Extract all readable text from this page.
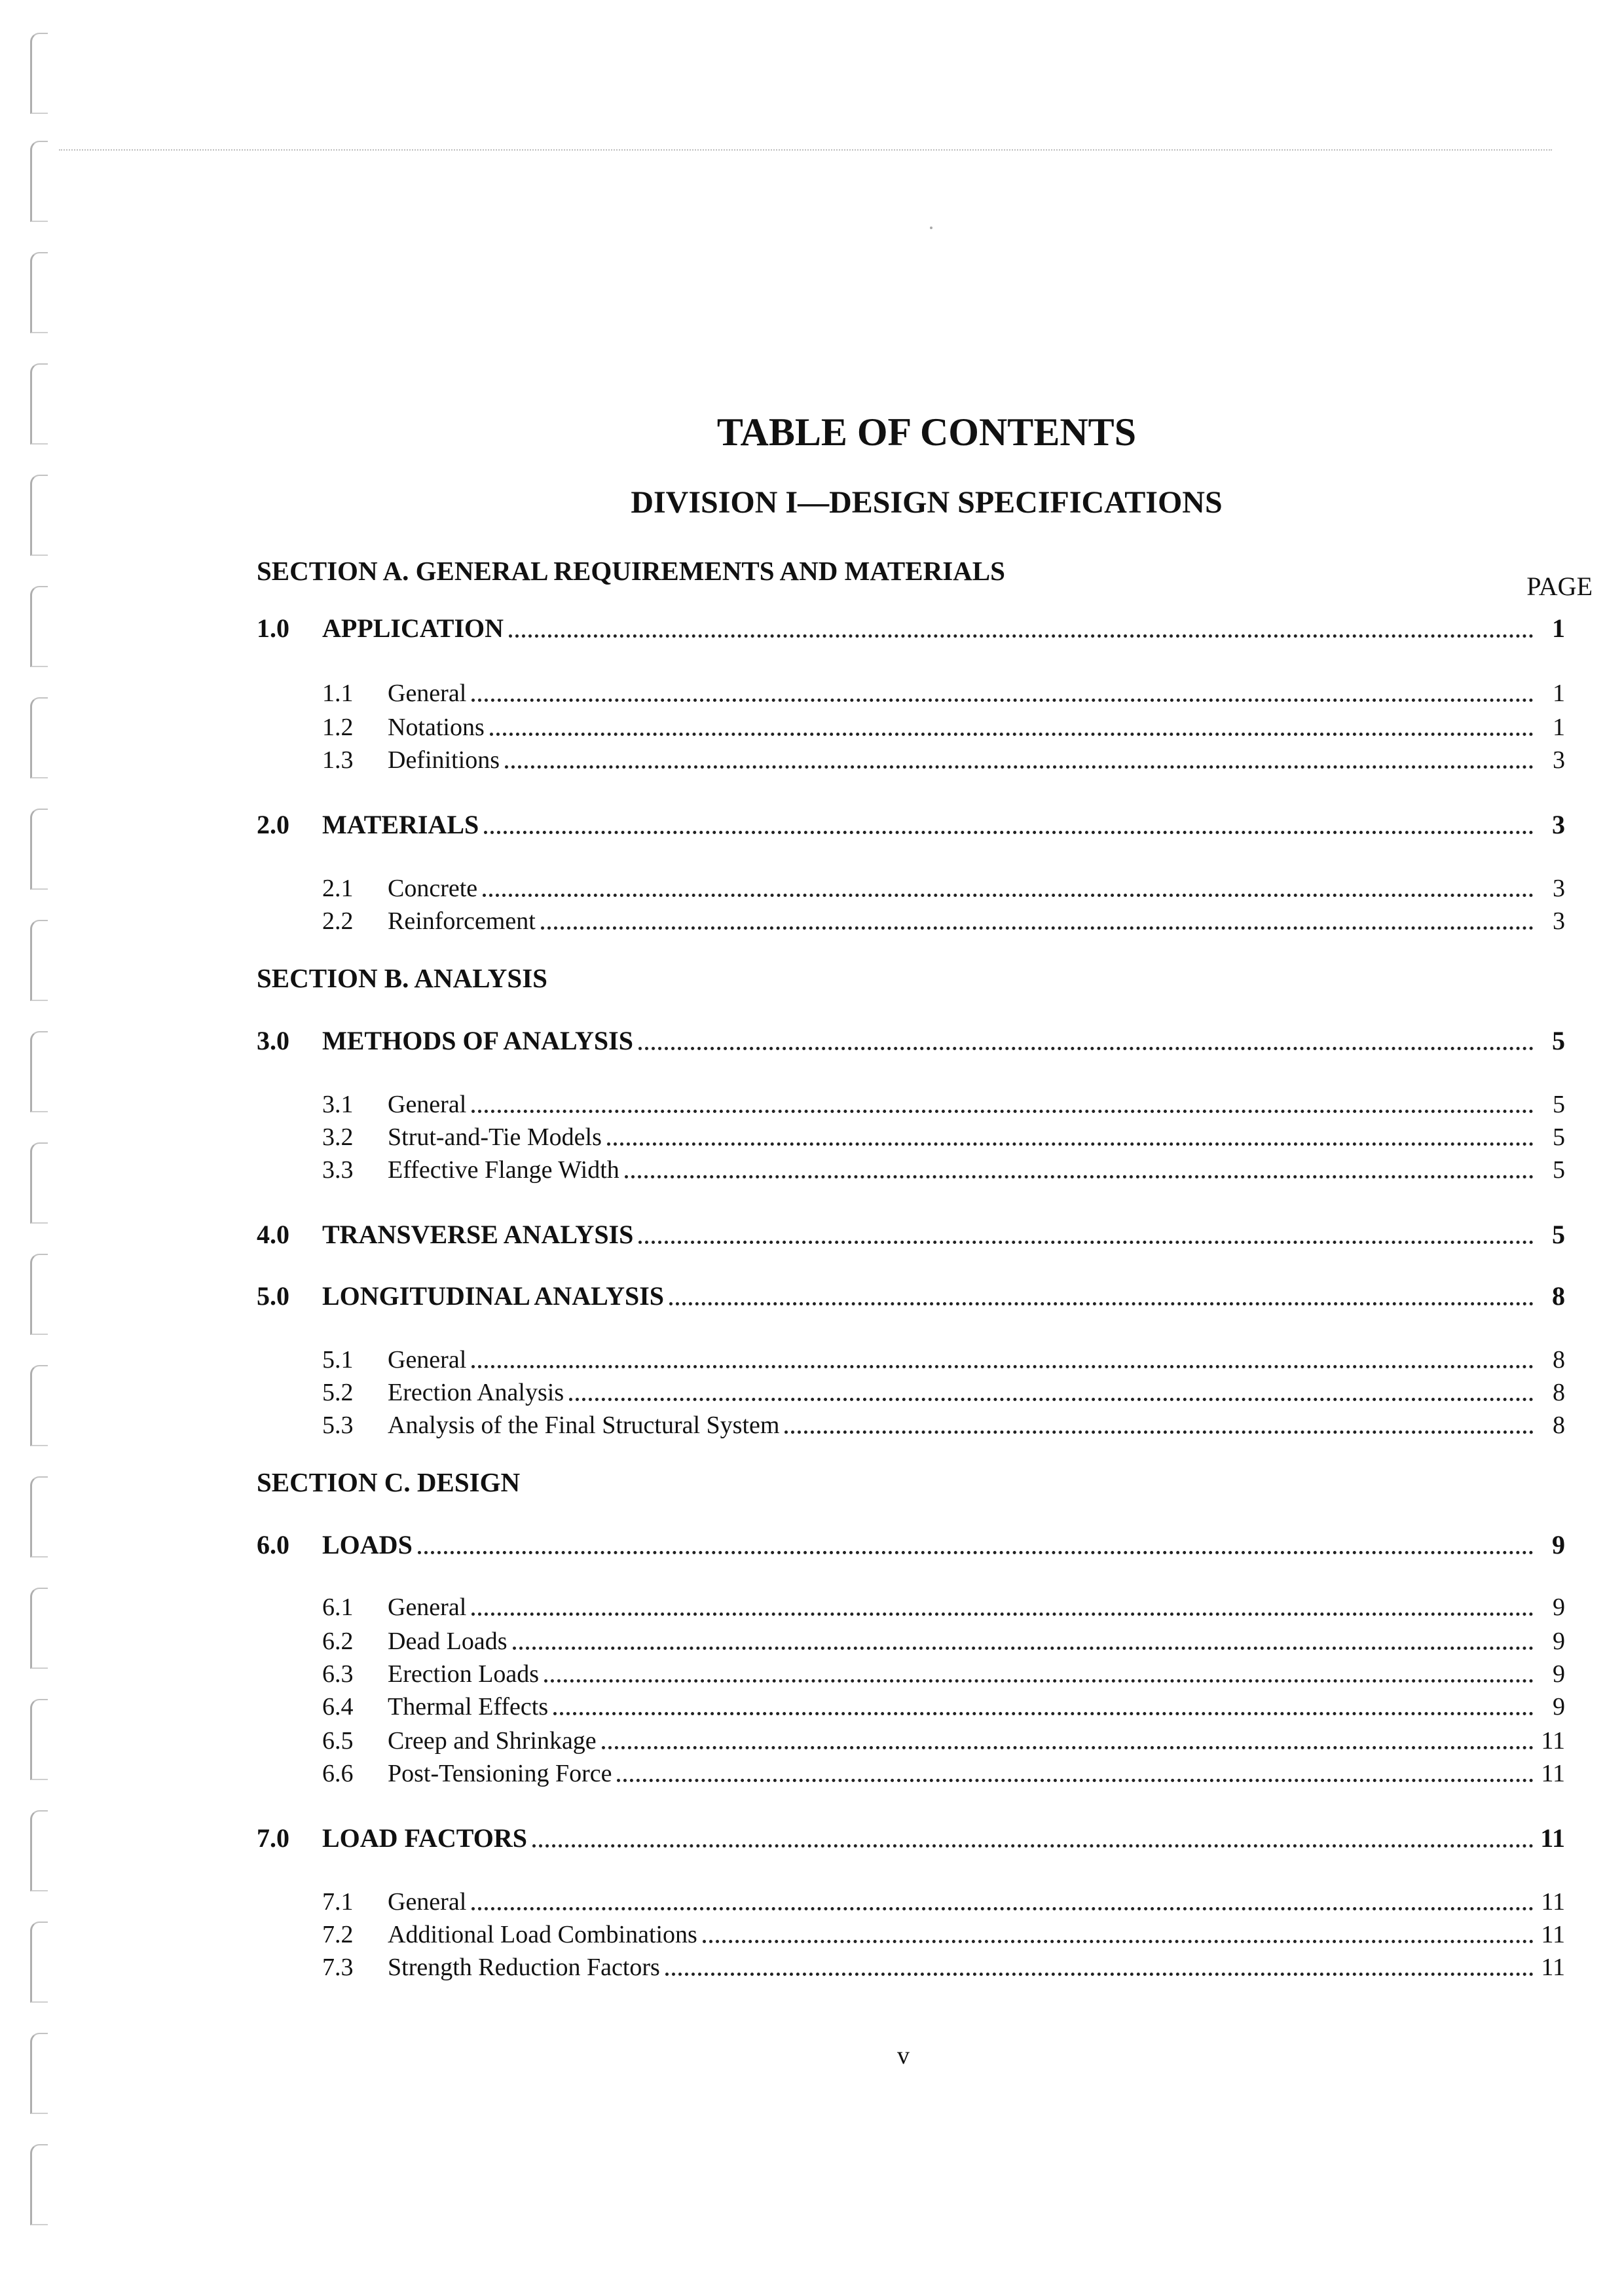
TABLE OF CONTENTS
DIVISION I—DESIGN SPECIFICATIONS
PAGE
SECTION A. GENERAL REQUIREMENTS AND MATERIALS
1.0	APPLICATION	1
1.1	General	1
1.2	Notations	1
1.3	Definitions	3
2.0	MATERIALS	3
2.1	Concrete	3
2.2	Reinforcement	3
SECTION B. ANALYSIS
3.0	METHODS OF ANALYSIS	5
3.1	General	5
3.2	Strut-and-Tie Models	5
3.3	Effective Flange Width	5
4.0	TRANSVERSE ANALYSIS	5
5.0	LONGITUDINAL ANALYSIS	8
5.1	General	8
5.2	Erection Analysis	8
5.3	Analysis of the Final Structural System	8
SECTION C. DESIGN
6.0	LOADS	9
6.1	General	9
6.2	Dead Loads	9
6.3	Erection Loads	9
6.4	Thermal Effects	9
6.5	Creep and Shrinkage	11
6.6	Post-Tensioning Force	11
7.0	LOAD FACTORS	11
7.1	General	11
7.2	Additional Load Combinations	11
7.3	Strength Reduction Factors	11
v
